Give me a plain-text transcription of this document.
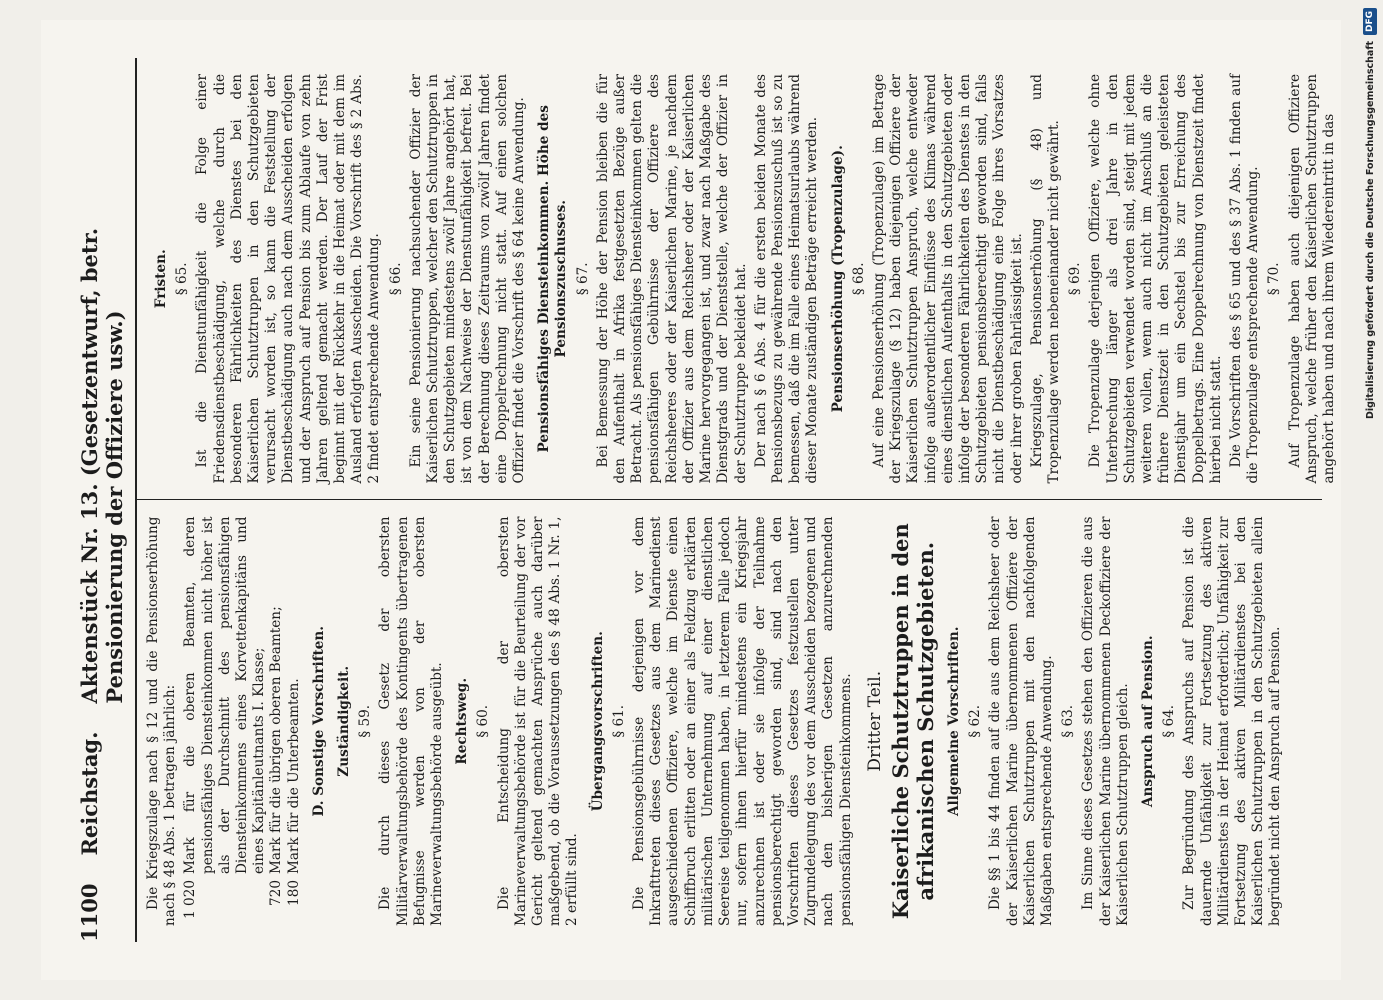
1100
Reichstag.
Aktenstück Nr. 13. (Gesetzentwurf, betr. Pensionierung der Offiziere usw.)

Die Kriegszulage nach § 12 und die Pensionserhöhung nach § 48 Abs. 1 betragen jährlich: 1 020
Mark für die oberen Beamten, deren pensionsfähiges Diensteinkommen nicht höher ist als der Durchschnitt des pensionsfähigen Diensteinkommens eines Korvettenkapitäns und eines Kapitänleutnants I. Klasse;
720
Mark für die übrigen oberen Beamten;
180
Mark für die Unterbeamten. D. Sonstige Vorschriften. Zuständigkeit. § 59. Die durch dieses Gesetz der obersten Militärverwaltungsbehörde des Kontingents übertragenen Befugnisse werden von der obersten Marineverwaltungsbehörde ausgeübt. Rechtsweg. § 60. Die Entscheidung der obersten Marineverwaltungsbehörde ist für die Beurteilung der vor Gericht geltend gemachten Ansprüche auch darüber maßgebend, ob die Voraussetzungen des § 48 Abs. 1 Nr. 1, 2 erfüllt sind.

Übergangsvorschriften. § 61. Die Pensionsgebührnisse derjenigen vor dem Inkrafttreten dieses Gesetzes aus dem Marinedienst ausgeschiedenen Offiziere, welche im Dienste einen Schiffbruch erlitten oder an einer als Feldzug erklärten militärischen Unternehmung auf einer dienstlichen Seereise teilgenommen haben, in letzterem Falle jedoch nur, sofern ihnen hierfür mindestens ein Kriegsjahr anzurechnen ist oder sie infolge der Teilnahme pensionsberechtigt geworden sind, sind nach den Vorschriften dieses Gesetzes festzustellen unter Zugrundelegung des vor dem Ausscheiden bezogenen und nach den bisherigen Gesetzen anzurechnenden pensionsfähigen Diensteinkommens. Dritter Teil. Kaiserliche Schutztruppen in den afrikanischen Schutzgebieten. Allgemeine Vorschriften. § 62. Die §§ 1 bis 44 finden auf die aus dem Reichsheer oder der Kaiserlichen Marine übernommenen Offiziere der Kaiserlichen Schutztruppen mit den nachfolgenden Maßgaben entsprechende Anwendung. § 63. Im Sinne dieses Gesetzes stehen den Offizieren die aus der Kaiserlichen Marine übernommenen Deckoffiziere der Kaiserlichen Schutztruppen gleich. Anspruch auf Pension. § 64. Zur Begründung des Anspruchs auf Pension ist die dauernde Unfähigkeit zur Fortsetzung des aktiven Militärdienstes in der Heimat erforderlich; Unfähigkeit zur Fortsetzung des aktiven Militärdienstes bei den Kaiserlichen Schutztruppen in den Schutzgebieten allein begründet nicht den Anspruch auf Pension.

Fristen. § 65. Ist die Dienstunfähigkeit die Folge einer Friedensdienstbeschädigung, welche durch die besonderen Fährlichkeiten des Dienstes bei den Kaiserlichen Schutztruppen in den Schutzgebieten verursacht worden ist, so kann die Feststellung der Dienstbeschädigung auch nach dem Ausscheiden erfolgen und der Anspruch auf Pension bis zum Ablaufe von zehn Jahren geltend gemacht werden. Der Lauf der Frist beginnt mit der Rückkehr in die Heimat oder mit dem im Ausland erfolgten Ausscheiden. Die Vorschrift des § 2 Abs. 2 findet entsprechende Anwendung. § 66. Ein seine Pensionierung nachsuchender Offizier der Kaiserlichen Schutztruppen, welcher den Schutztruppen in den Schutzgebieten mindestens zwölf Jahre angehört hat, ist von dem Nachweise der Dienstunfähigkeit befreit. Bei der Berechnung dieses Zeitraums von zwölf Jahren findet eine Doppelrechnung nicht statt. Auf einen solchen Offizier findet die Vorschrift des § 64 keine Anwendung. Pensionsfähiges Diensteinkommen. Höhe des Pensionszuschusses. § 67. Bei Bemessung der Höhe der Pension bleiben die für den Aufenthalt in Afrika festgesetzten Bezüge außer Betracht. Als pensionsfähiges Diensteinkommen gelten die pensionsfähigen Gebührnisse der Offiziere des Reichsheeres oder der Kaiserlichen Marine, je nachdem der Offizier aus dem Reichsheer oder der Kaiserlichen Marine hervorgegangen ist, und zwar nach Maßgabe des Dienstgrads und der Dienststelle, welche der Offizier in der Schutztruppe bekleidet hat. Der nach § 6 Abs. 4 für die ersten beiden Monate des Pensionsbezugs zu gewährende Pensionszuschuß ist so zu bemessen, daß die im Falle eines Heimatsurlaubs während dieser Monate zuständigen Beträge erreicht werden. Pensionserhöhung (Tropenzulage). § 68. Auf eine Pensionserhöhung (Tropenzulage) im Betrage der Kriegszulage (§ 12) haben diejenigen Offiziere der Kaiserlichen Schutztruppen Anspruch, welche entweder infolge außerordentlicher Einflüsse des Klimas während eines dienstlichen Aufenthalts in den Schutzgebieten oder infolge der besonderen Fährlichkeiten des Dienstes in den Schutzgebieten pensionsberechtigt geworden sind, falls nicht die Dienstbeschädigung eine Folge ihres Vorsatzes oder ihrer groben Fahrlässigkeit ist. Kriegszulage, Pensionserhöhung (§ 48) und Tropenzulage werden nebeneinander nicht gewährt. § 69. Die Tropenzulage derjenigen Offiziere, welche ohne Unterbrechung länger als drei Jahre in den Schutzgebieten verwendet worden sind, steigt mit jedem weiteren vollen, wenn auch nicht im Anschluß an die frühere Dienstzeit in den Schutzgebieten geleisteten Dienstjahr um ein Sechstel bis zur Erreichung des Doppelbetrags. Eine Doppelrechnung von Dienstzeit findet hierbei nicht statt. Die Vorschriften des § 65 und des § 37 Abs. 1 finden auf die Tropenzulage entsprechende Anwendung. § 70. Auf Tropenzulage haben auch diejenigen Offiziere Anspruch, welche früher den Kaiserlichen Schutztruppen angehört haben und nach ihrem Wiedereintritt in das

DFG
Digitalisierung gefördert durch die Deutsche Forschungsgemeinschaft
